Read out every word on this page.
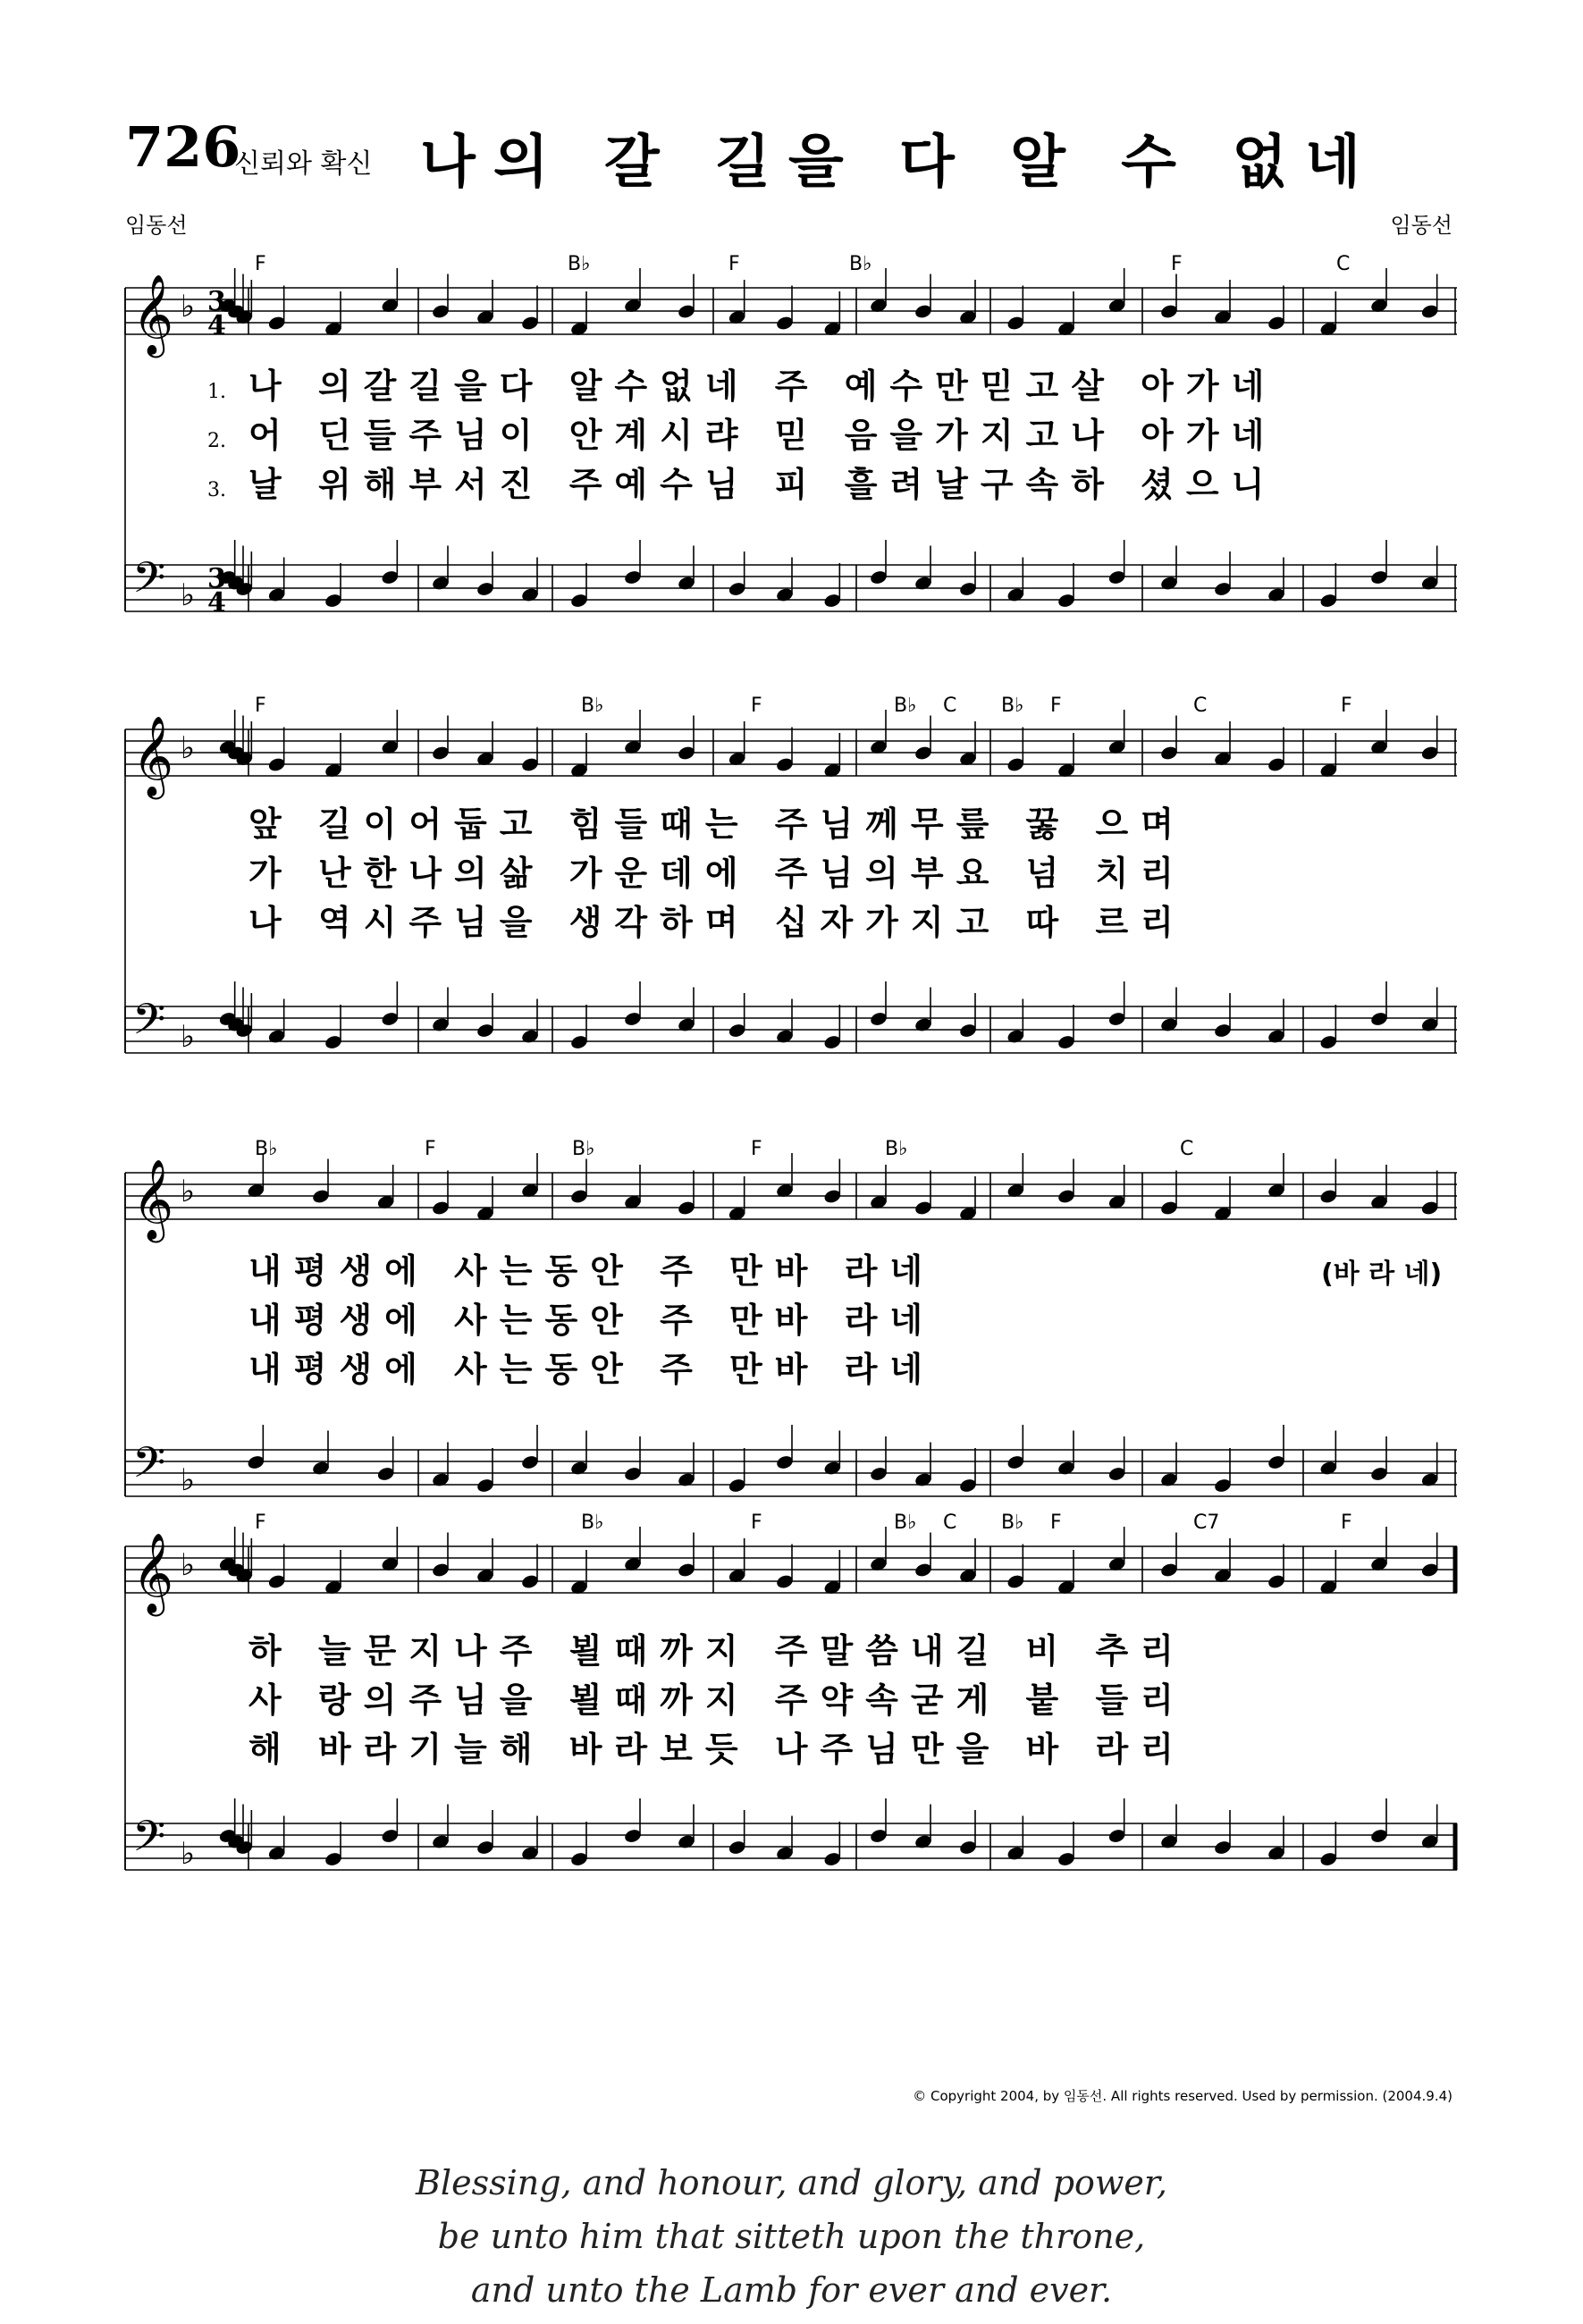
726
신뢰와 확신 나의 갈 길을 다 알 수 없네
임동선	임동선
𝄞 ♭
𝄢 ♭
3
4
3
4
F	B♭	F	B♭	F	C
1. 나 의갈길을다 알수없네 주 예수만믿고살 아가네
2. 어 딘들주님이 안계시랴 믿 음을가지고나 아가네
3. 날 위해부서진 주예수님 피 흘려날구속하 셨으니
𝄞 ♭
𝄢 ♭
F	B♭	F	B♭ C B♭ F	C	F
앞 길이어둡고 힘들때는 주님께무릎 꿇 으며
가 난한나의삶 가운데에 주님의부요 넘 치리
나 역시주님을 생각하며 십자가지고 따 르리
𝄞 ♭
𝄢 ♭
B♭	F	B♭	F	B♭	C
내평생에 사는동안 주 만바 라네
내평생에 사는동안 주 만바 라네
내평생에 사는동안 주 만바 라네
(바 라 네)
𝄞 ♭
𝄢 ♭
F	B♭	F	B♭ C B♭ F	C7	F
하 늘문지나주 뵐때까지 주말씀내길 비 추리
사 랑의주님을 뵐때까지 주약속굳게 붙 들리
해 바라기늘해 바라보듯 나주님만을 바 라리
© Copyright 2004, by 임동선. All rights reserved. Used by permission. (2004.9.4)
Blessing, and honour, and glory, and power,
be unto him that sitteth upon the throne,
and unto the Lamb for ever and ever.
